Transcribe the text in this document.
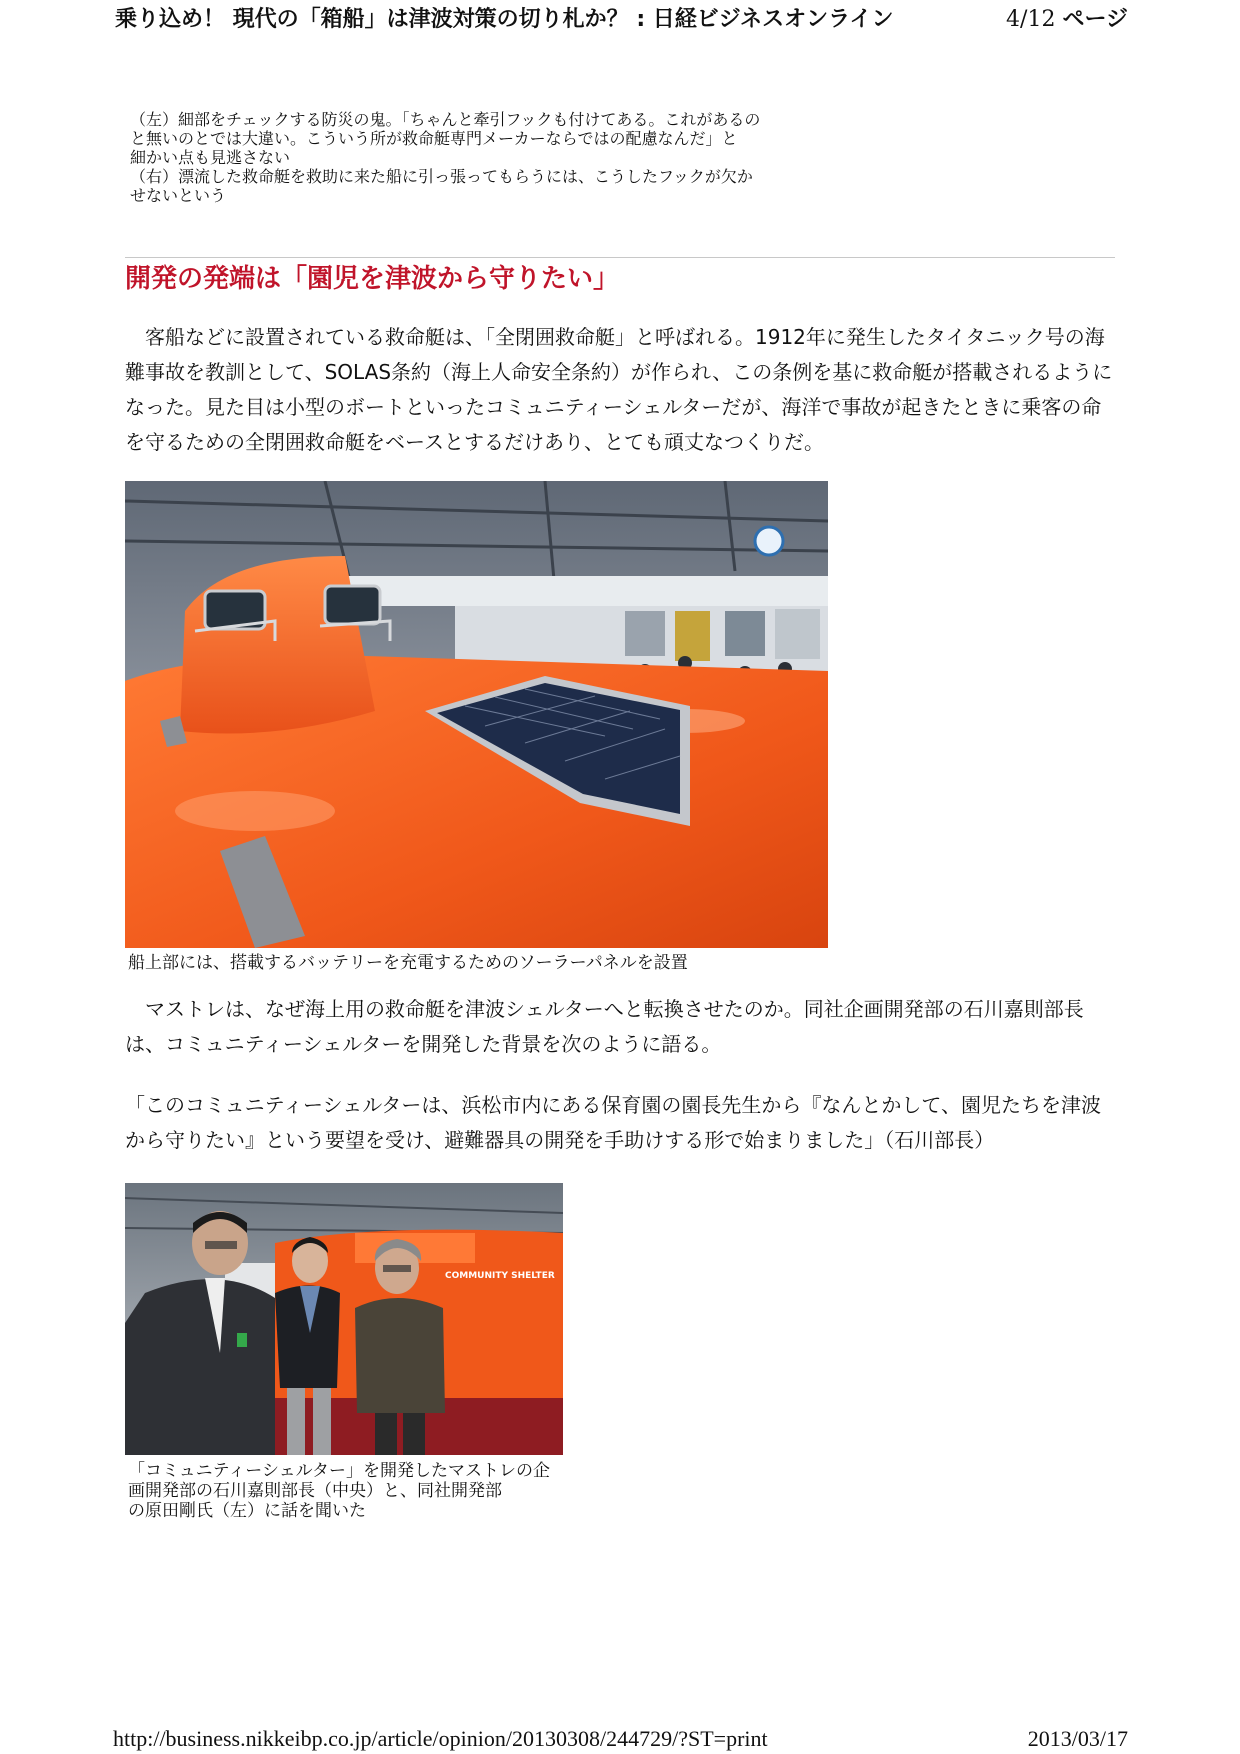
乗り込め！ 現代の「箱船」は津波対策の切り札か？ : 日経ビジネスオンライン	4/12 ページ
（左）細部をチェックする防災の鬼。「ちゃんと牽引フックも付けてある。これがあるの
と無いのとでは大違い。こういう所が救命艇専門メーカーならではの配慮なんだ」と
細かい点も見逃さない
（右）漂流した救命艇を救助に来た船に引っ張ってもらうには、こうしたフックが欠か
せないという
開発の発端は「園児を津波から守りたい」
　客船などに設置されている救命艇は、「全閉囲救命艇」と呼ばれる。1912年に発生したタイタニック号の海難事故を教訓として、SOLAS条約（海上人命安全条約）が作られ、この条例を基に救命艇が搭載されるようになった。見た目は小型のボートといったコミュニティーシェルターだが、海洋で事故が起きたときに乗客の命を守るための全閉囲救命艇をベースとするだけあり、とても頑丈なつくりだ。
船上部には、搭載するバッテリーを充電するためのソーラーパネルを設置
　マストレは、なぜ海上用の救命艇を津波シェルターへと転換させたのか。同社企画開発部の石川嘉則部長は、コミュニティーシェルターを開発した背景を次のように語る。
「このコミュニティーシェルターは、浜松市内にある保育園の園長先生から『なんとかして、園児たちを津波から守りたい』という要望を受け、避難器具の開発を手助けする形で始まりました」（石川部長）
COMMUNITY SHELTER
「コミュニティーシェルター」を開発したマストレの企
画開発部の石川嘉則部長（中央）と、同社開発部
の原田剛氏（左）に話を聞いた
http://business.nikkeibp.co.jp/article/opinion/20130308/244729/?ST=print	2013/03/17
